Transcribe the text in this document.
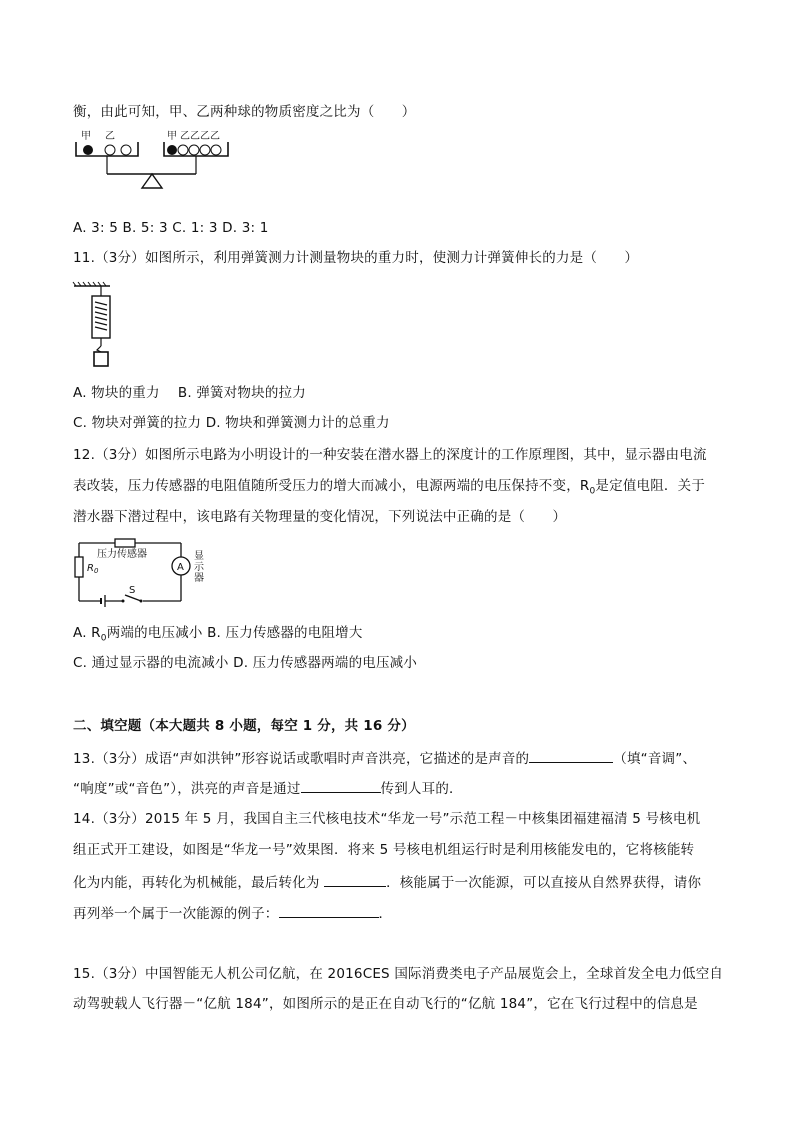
衡，由此可知，甲、乙两种球的物质密度之比为（　　）
甲 乙	甲 乙 乙 乙 乙
A. 3: 5 B. 5: 3 C. 1: 3 D. 3: 1
11.（3分）如图所示，利用弹簧测力计测量物块的重力时，使测力计弹簧伸长的力是（　　）
A. 物块的重力　 B. 弹簧对物块的拉力
C. 物块对弹簧的拉力 D. 物块和弹簧测力计的总重力
12.（3分）如图所示电路为小明设计的一种安装在潜水器上的深度计的工作原理图，其中，显示器由电流
表改装，压力传感器的电阻值随所受压力的增大而减小，电源两端的电压保持不变，$R_0$是定值电阻．关于
潜水器下潜过程中，该电路有关物理量的变化情况，下列说法中正确的是（　　）
A
S
$R_0$
压力传感器	显
示
器
A. $R_0$两端的电压减小 B. 压力传感器的电阻增大
C. 通过显示器的电流减小 D. 压力传感器两端的电压减小
二、填空题（本大题共 8 小题，每空 1 分，共 16 分）
13.（3分）成语“声如洪钟”形容说话或歌唱时声音洪亮，它描述的是声音的	（填“音调”、
“响度”或“音色”），洪亮的声音是通过	传到人耳的．
14.（3分）2015 年 5 月，我国自主三代核电技术“华龙一号”示范工程－中核集团福建福清 5 号核电机
组正式开工建设，如图是“华龙一号”效果图．将来 5 号核电机组运行时是利用核能发电的，它将核能转
化为内能，再转化为机械能，最后转化为	．核能属于一次能源，可以直接从自然界获得，请你
再列举一个属于一次能源的例子：	．
15.（3分）中国智能无人机公司亿航，在 2016CES 国际消费类电子产品展览会上，全球首发全电力低空自
动驾驶载人飞行器－“亿航 184”，如图所示的是正在自动飞行的“亿航 184”，它在飞行过程中的信息是
